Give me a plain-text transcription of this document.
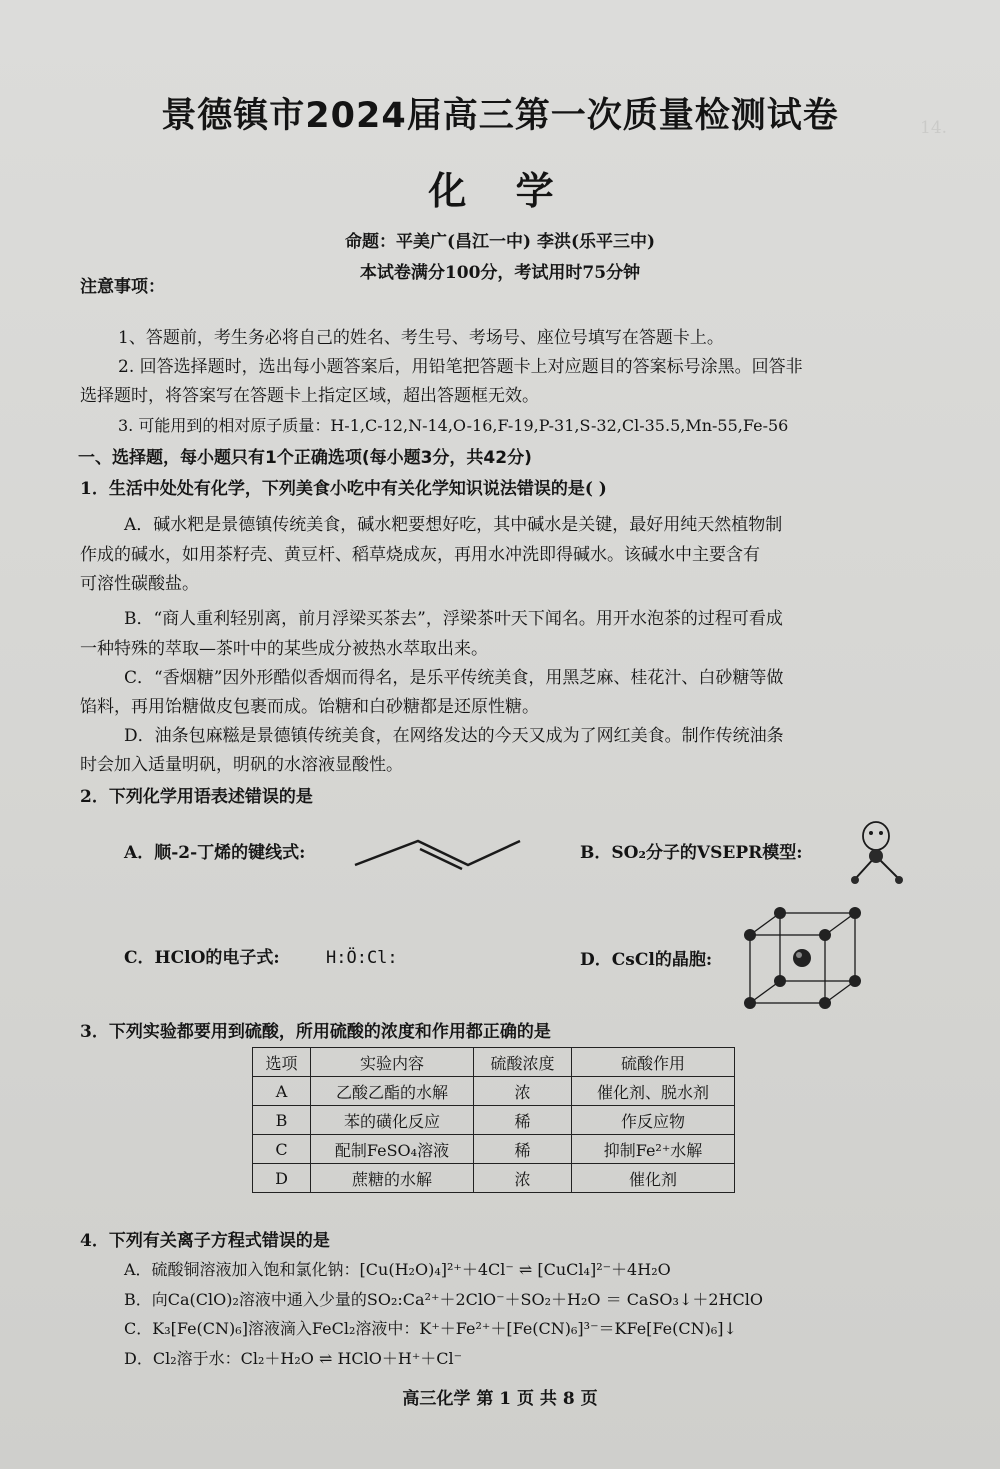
14.
景德镇市2024届高三第一次质量检测试卷
化 学
命题：平美广(昌江一中) 李洪(乐平三中)
本试卷满分100分，考试用时75分钟
注意事项：
1、答题前，考生务必将自己的姓名、考生号、考场号、座位号填写在答题卡上。
2. 回答选择题时，选出每小题答案后，用铅笔把答题卡上对应题目的答案标号涂黑。回答非
选择题时，将答案写在答题卡上指定区域，超出答题框无效。
3. 可能用到的相对原子质量：H-1,C-12,N-14,O-16,F-19,P-31,S-32,Cl-35.5,Mn-55,Fe-56
一、选择题，每小题只有1个正确选项(每小题3分，共42分)
1．生活中处处有化学，下列美食小吃中有关化学知识说法错误的是( )
A．碱水粑是景德镇传统美食，碱水粑要想好吃，其中碱水是关键，最好用纯天然植物制
作成的碱水，如用茶籽壳、黄豆杆、稻草烧成灰，再用水冲洗即得碱水。该碱水中主要含有
可溶性碳酸盐。
B．“商人重利轻别离，前月浮梁买茶去”，浮梁茶叶天下闻名。用开水泡茶的过程可看成
一种特殊的萃取—茶叶中的某些成分被热水萃取出来。
C．“香烟糖”因外形酷似香烟而得名，是乐平传统美食，用黑芝麻、桂花汁、白砂糖等做
馅料，再用饴糖做皮包裹而成。饴糖和白砂糖都是还原性糖。
D．油条包麻糍是景德镇传统美食，在网络发达的今天又成为了网红美食。制作传统油条
时会加入适量明矾，明矾的水溶液显酸性。
2．下列化学用语表述错误的是
A．顺-2-丁烯的键线式:	B．SO₂分子的VSEPR模型:
C．HClO的电子式:	H:Ö:Cl:	D．CsCl的晶胞:
3．下列实验都要用到硫酸，所用硫酸的浓度和作用都正确的是
选项	实验内容	硫酸浓度	硫酸作用
A	乙酸乙酯的水解	浓	催化剂、脱水剂
B	苯的磺化反应	稀	作反应物
C	配制FeSO₄溶液	稀	抑制Fe²⁺水解
D	蔗糖的水解	浓	催化剂
4．下列有关离子方程式错误的是
A．硫酸铜溶液加入饱和氯化钠：[Cu(H₂O)₄]²⁺＋4Cl⁻ ⇌ [CuCl₄]²⁻＋4H₂O
B．向Ca(ClO)₂溶液中通入少量的SO₂:Ca²⁺＋2ClO⁻＋SO₂＋H₂O ＝ CaSO₃↓＋2HClO
C．K₃[Fe(CN)₆]溶液滴入FeCl₂溶液中：K⁺＋Fe²⁺＋[Fe(CN)₆]³⁻＝KFe[Fe(CN)₆]↓
D．Cl₂溶于水：Cl₂＋H₂O ⇌ HClO＋H⁺＋Cl⁻
高三化学 第 1 页 共 8 页
